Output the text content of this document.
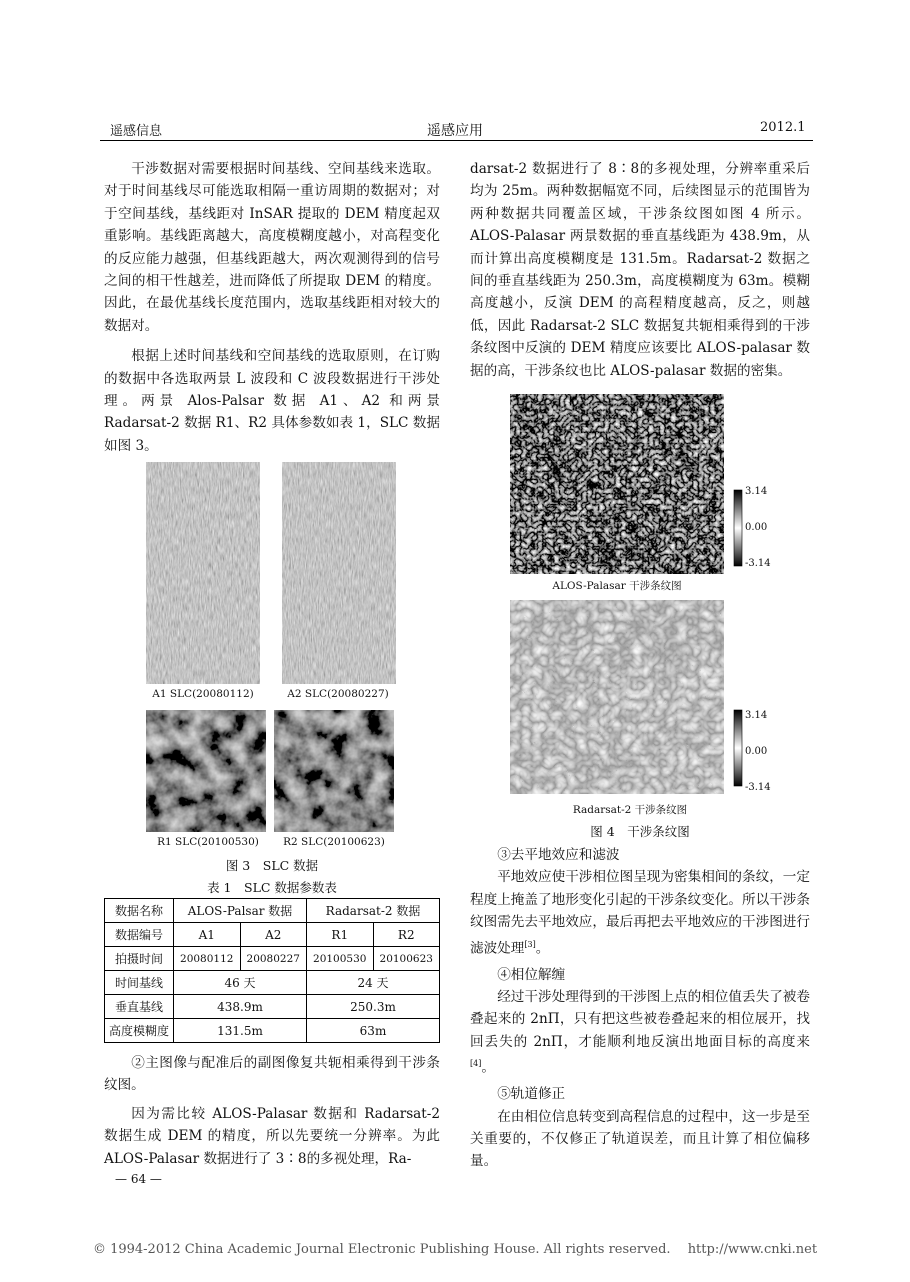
遥感信息	遥感应用	2012.1

干涉数据对需要根据时间基线、空间基线来选取。对于时间基线尽可能选取相隔一重访周期的数据对；对于空间基线，基线距对 InSAR 提取的 DEM 精度起双重影响。基线距离越大，高度模糊度越小，对高程变化的反应能力越强，但基线距越大，两次观测得到的信号之间的相干性越差，进而降低了所提取 DEM 的精度。因此，在最优基线长度范围内，选取基线距相对较大的数据对。

根据上述时间基线和空间基线的选取原则，在订购的数据中各选取两景 L 波段和 C 波段数据进行干涉处理。两景 Alos-Palsar 数据 A1、A2 和两景 Radarsat-2 数据 R1、R2 具体参数如表 1，SLC 数据如图 3。

A1 SLC(20080112)	A2 SLC(20080227)
R1 SLC(20100530)	R2 SLC(20100623)
图 3　SLC 数据
表 1　SLC 数据参数表
数据名称	ALOS-Palsar 数据		Radarsat-2 数据	
数据编号	A1	A2	R1	R2
拍摄时间	20080112	20080227	20100530	20100623
时间基线	46 天		24 天	
垂直基线	438.9m		250.3m	
高度模糊度	131.5m		63m	

②主图像与配准后的副图像复共轭相乘得到干涉条纹图。

因为需比较 ALOS-Palasar 数据和 Radarsat-2 数据生成 DEM 的精度，所以先要统一分辨率。为此 ALOS-Palasar 数据进行了 3∶8的多视处理，Ra-

— 64 —

darsat-2 数据进行了 8∶8的多视处理，分辨率重采后均为 25m。两种数据幅宽不同，后续图显示的范围皆为两种数据共同覆盖区域，干涉条纹图如图 4 所示。ALOS-Palasar 两景数据的垂直基线距为 438.9m，从而计算出高度模糊度是 131.5m。Radarsat-2 数据之间的垂直基线距为 250.3m，高度模糊度为 63m。模糊高度越小，反演 DEM 的高程精度越高，反之，则越低，因此 Radarsat-2 SLC 数据复共轭相乘得到的干涉条纹图中反演的 DEM 精度应该要比 ALOS-palasar 数据的高，干涉条纹也比 ALOS-palasar 数据的密集。

3.14
0.00
-3.14
ALOS-Palasar 干涉条纹图
3.14
0.00
-3.14
Radarsat-2 干涉条纹图
图 4　干涉条纹图

③去平地效应和滤波

平地效应使干涉相位图呈现为密集相间的条纹，一定程度上掩盖了地形变化引起的干涉条纹变化。所以干涉条纹图需先去平地效应，最后再把去平地效应的干涉图进行滤波处理[3]。

④相位解缠

经过干涉处理得到的干涉图上点的相位值丢失了被卷叠起来的 2nΠ，只有把这些被卷叠起来的相位展开，找回丢失的 2nΠ，才能顺利地反演出地面目标的高度来[4]。

⑤轨道修正

在由相位信息转变到高程信息的过程中，这一步是至关重要的，不仅修正了轨道误差，而且计算了相位偏移量。

© 1994-2012 China Academic Journal Electronic Publishing House. All rights reserved.　 http://www.cnki.net
